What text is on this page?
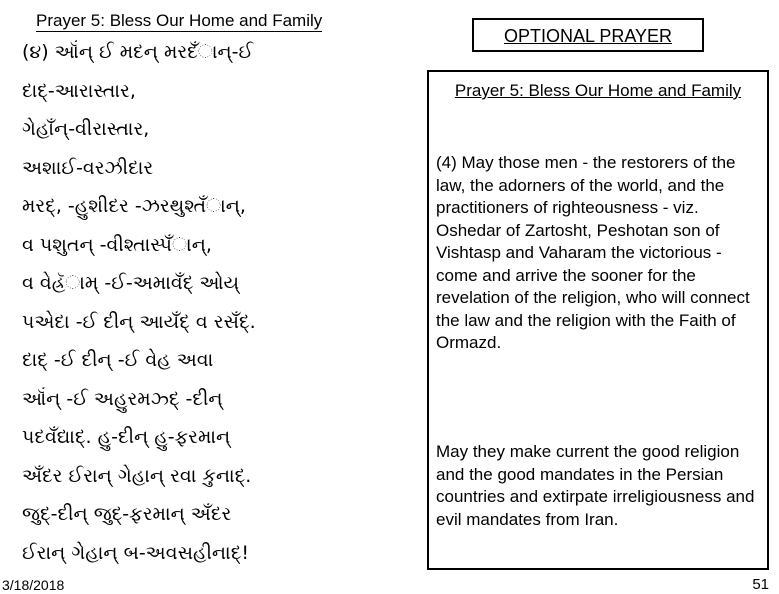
Prayer 5: Bless Our Home and Family
(૪) ઑંન્ ઈ મદન્ મરદઁાન્-ઈ
દાદ્-આરાસ્તાર,
ગેહાઁન્-વીરાસ્તાર,
અશાઈ-વરઝીદાર
મરદ્, -હુશીદર -ઝરથુશ્તઁાન્,
વ પશુતન્ -વીશ્તાસ્પઁાન્,
વ વેહ્રૅામ્ -ઈ-અમાવઁદ્ ઓય્
પએદા -ઈ દીન્ આયઁદ્ વ રસઁદ્.
દાદ્ -ઈ દીન્ -ઈ વેહ અવા
ઑંન્ -ઈ અહુરમઝ્દ્ -દીન્
પદવઁદ્યાદ્. હુ-દીન્ હુ-ફરમાન્
અઁદર ઈરાન્ ગેહાન્ રવા કુનાદ્.
જુદ્-દીન્ જુદ્-ફરમાન્ અઁદર
ઈરાન્ ગેહાન્ બ-અવસહીનાદ્!
OPTIONAL PRAYER
Prayer 5: Bless Our Home and Family

(4) May those men - the restorers of the law, the adorners of the world, and the practitioners of righteousness - viz. Oshedar of Zartosht, Peshotan son of Vishtasp and Vaharam the victorious - come and arrive the sooner for the revelation of the religion, who will connect the law and the religion with the Faith of Ormazd.

May they make current the good religion and the good mandates in the Persian countries and extirpate irreligiousness and evil mandates from Iran.

3/18/2018	51
